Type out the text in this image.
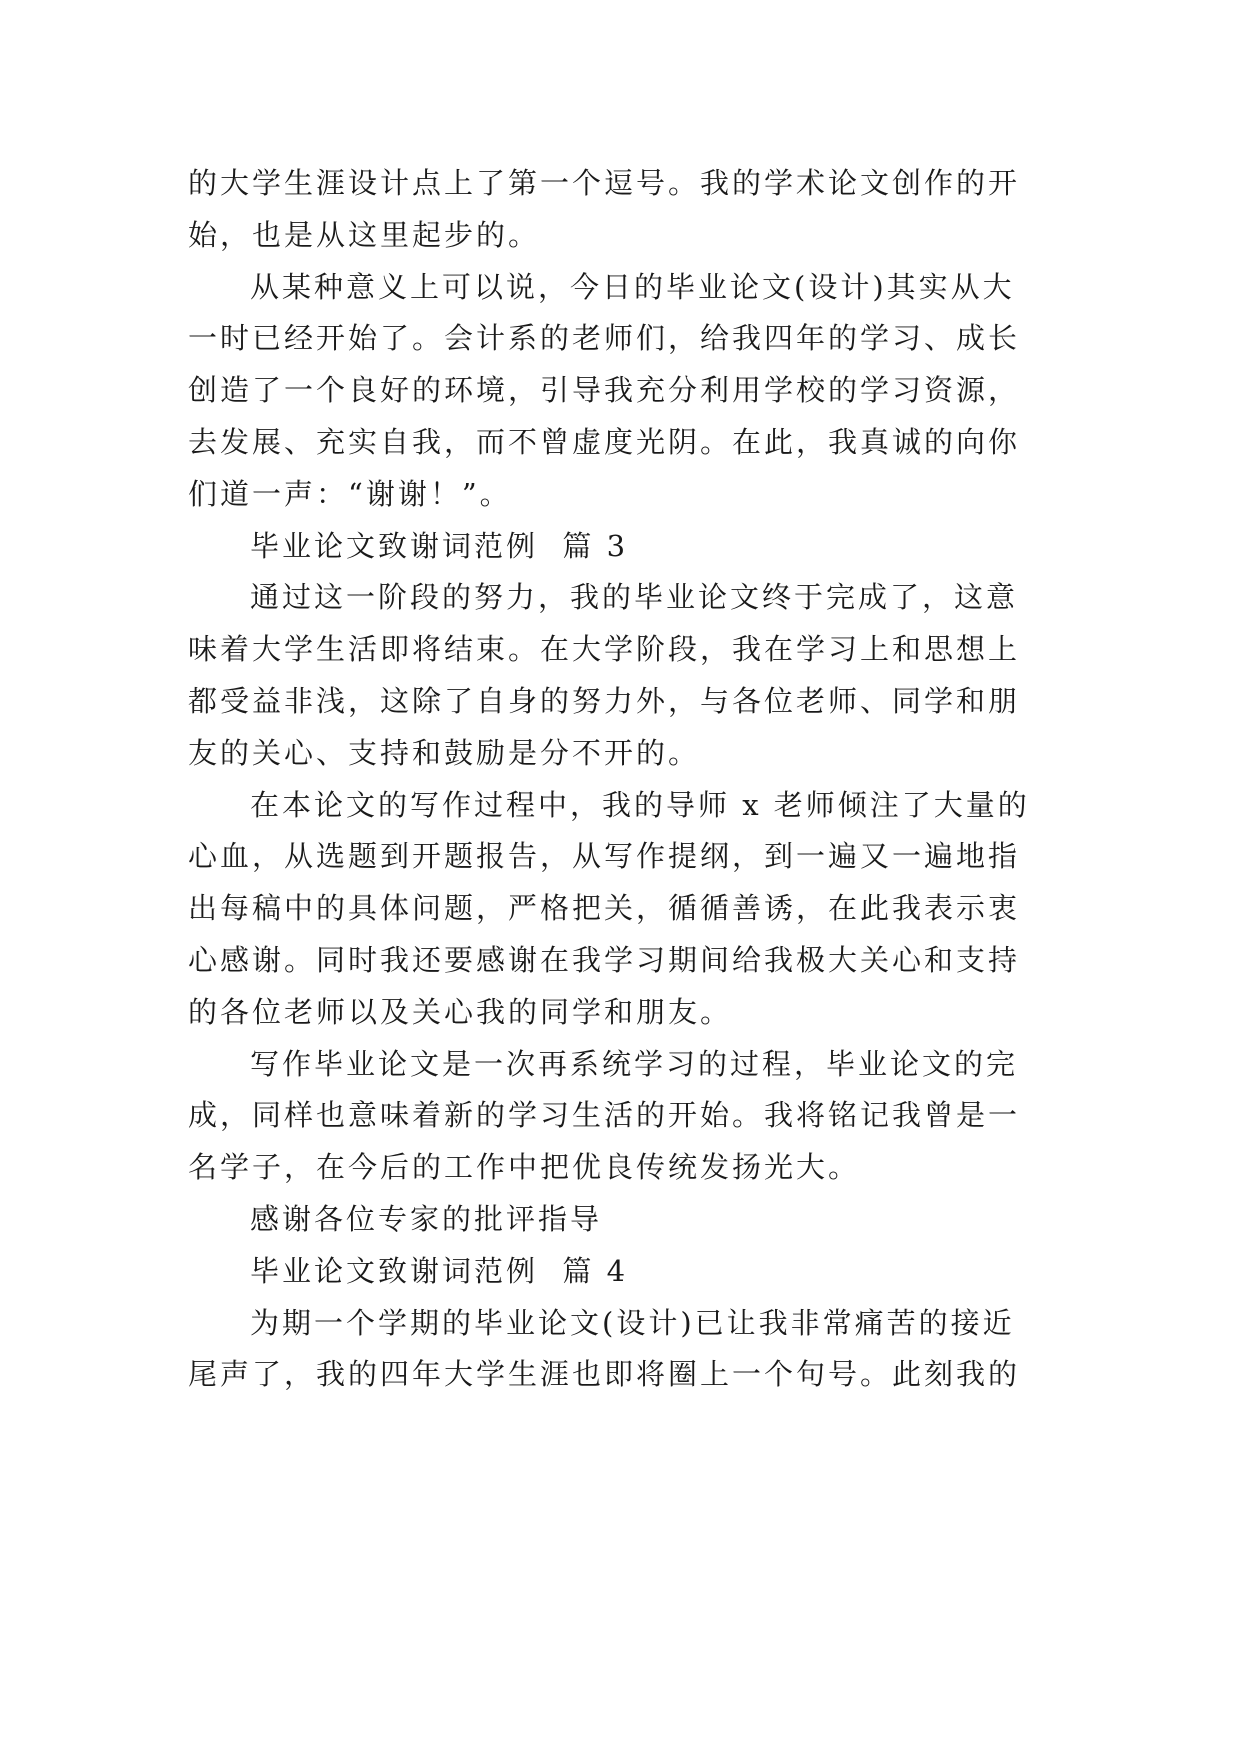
的大学生涯设计点上了第一个逗号。我的学术论文创作的开
始，也是从这里起步的。

从某种意义上可以说，今日的毕业论文(设计)其实从大
一时已经开始了。会计系的老师们，给我四年的学习、成长
创造了一个良好的环境，引导我充分利用学校的学习资源，
去发展、充实自我，而不曾虚度光阴。在此，我真诚的向你
们道一声：“谢谢！”。

毕业论文致谢词范例  篇 3

通过这一阶段的努力，我的毕业论文终于完成了，这意
味着大学生活即将结束。在大学阶段，我在学习上和思想上
都受益非浅，这除了自身的努力外，与各位老师、同学和朋
友的关心、支持和鼓励是分不开的。

在本论文的写作过程中，我的导师 x 老师倾注了大量的
心血，从选题到开题报告，从写作提纲，到一遍又一遍地指
出每稿中的具体问题，严格把关，循循善诱，在此我表示衷
心感谢。同时我还要感谢在我学习期间给我极大关心和支持
的各位老师以及关心我的同学和朋友。

写作毕业论文是一次再系统学习的过程，毕业论文的完
成，同样也意味着新的学习生活的开始。我将铭记我曾是一
名学子，在今后的工作中把优良传统发扬光大。

感谢各位专家的批评指导

毕业论文致谢词范例  篇 4

为期一个学期的毕业论文(设计)已让我非常痛苦的接近
尾声了，我的四年大学生涯也即将圈上一个句号。此刻我的
